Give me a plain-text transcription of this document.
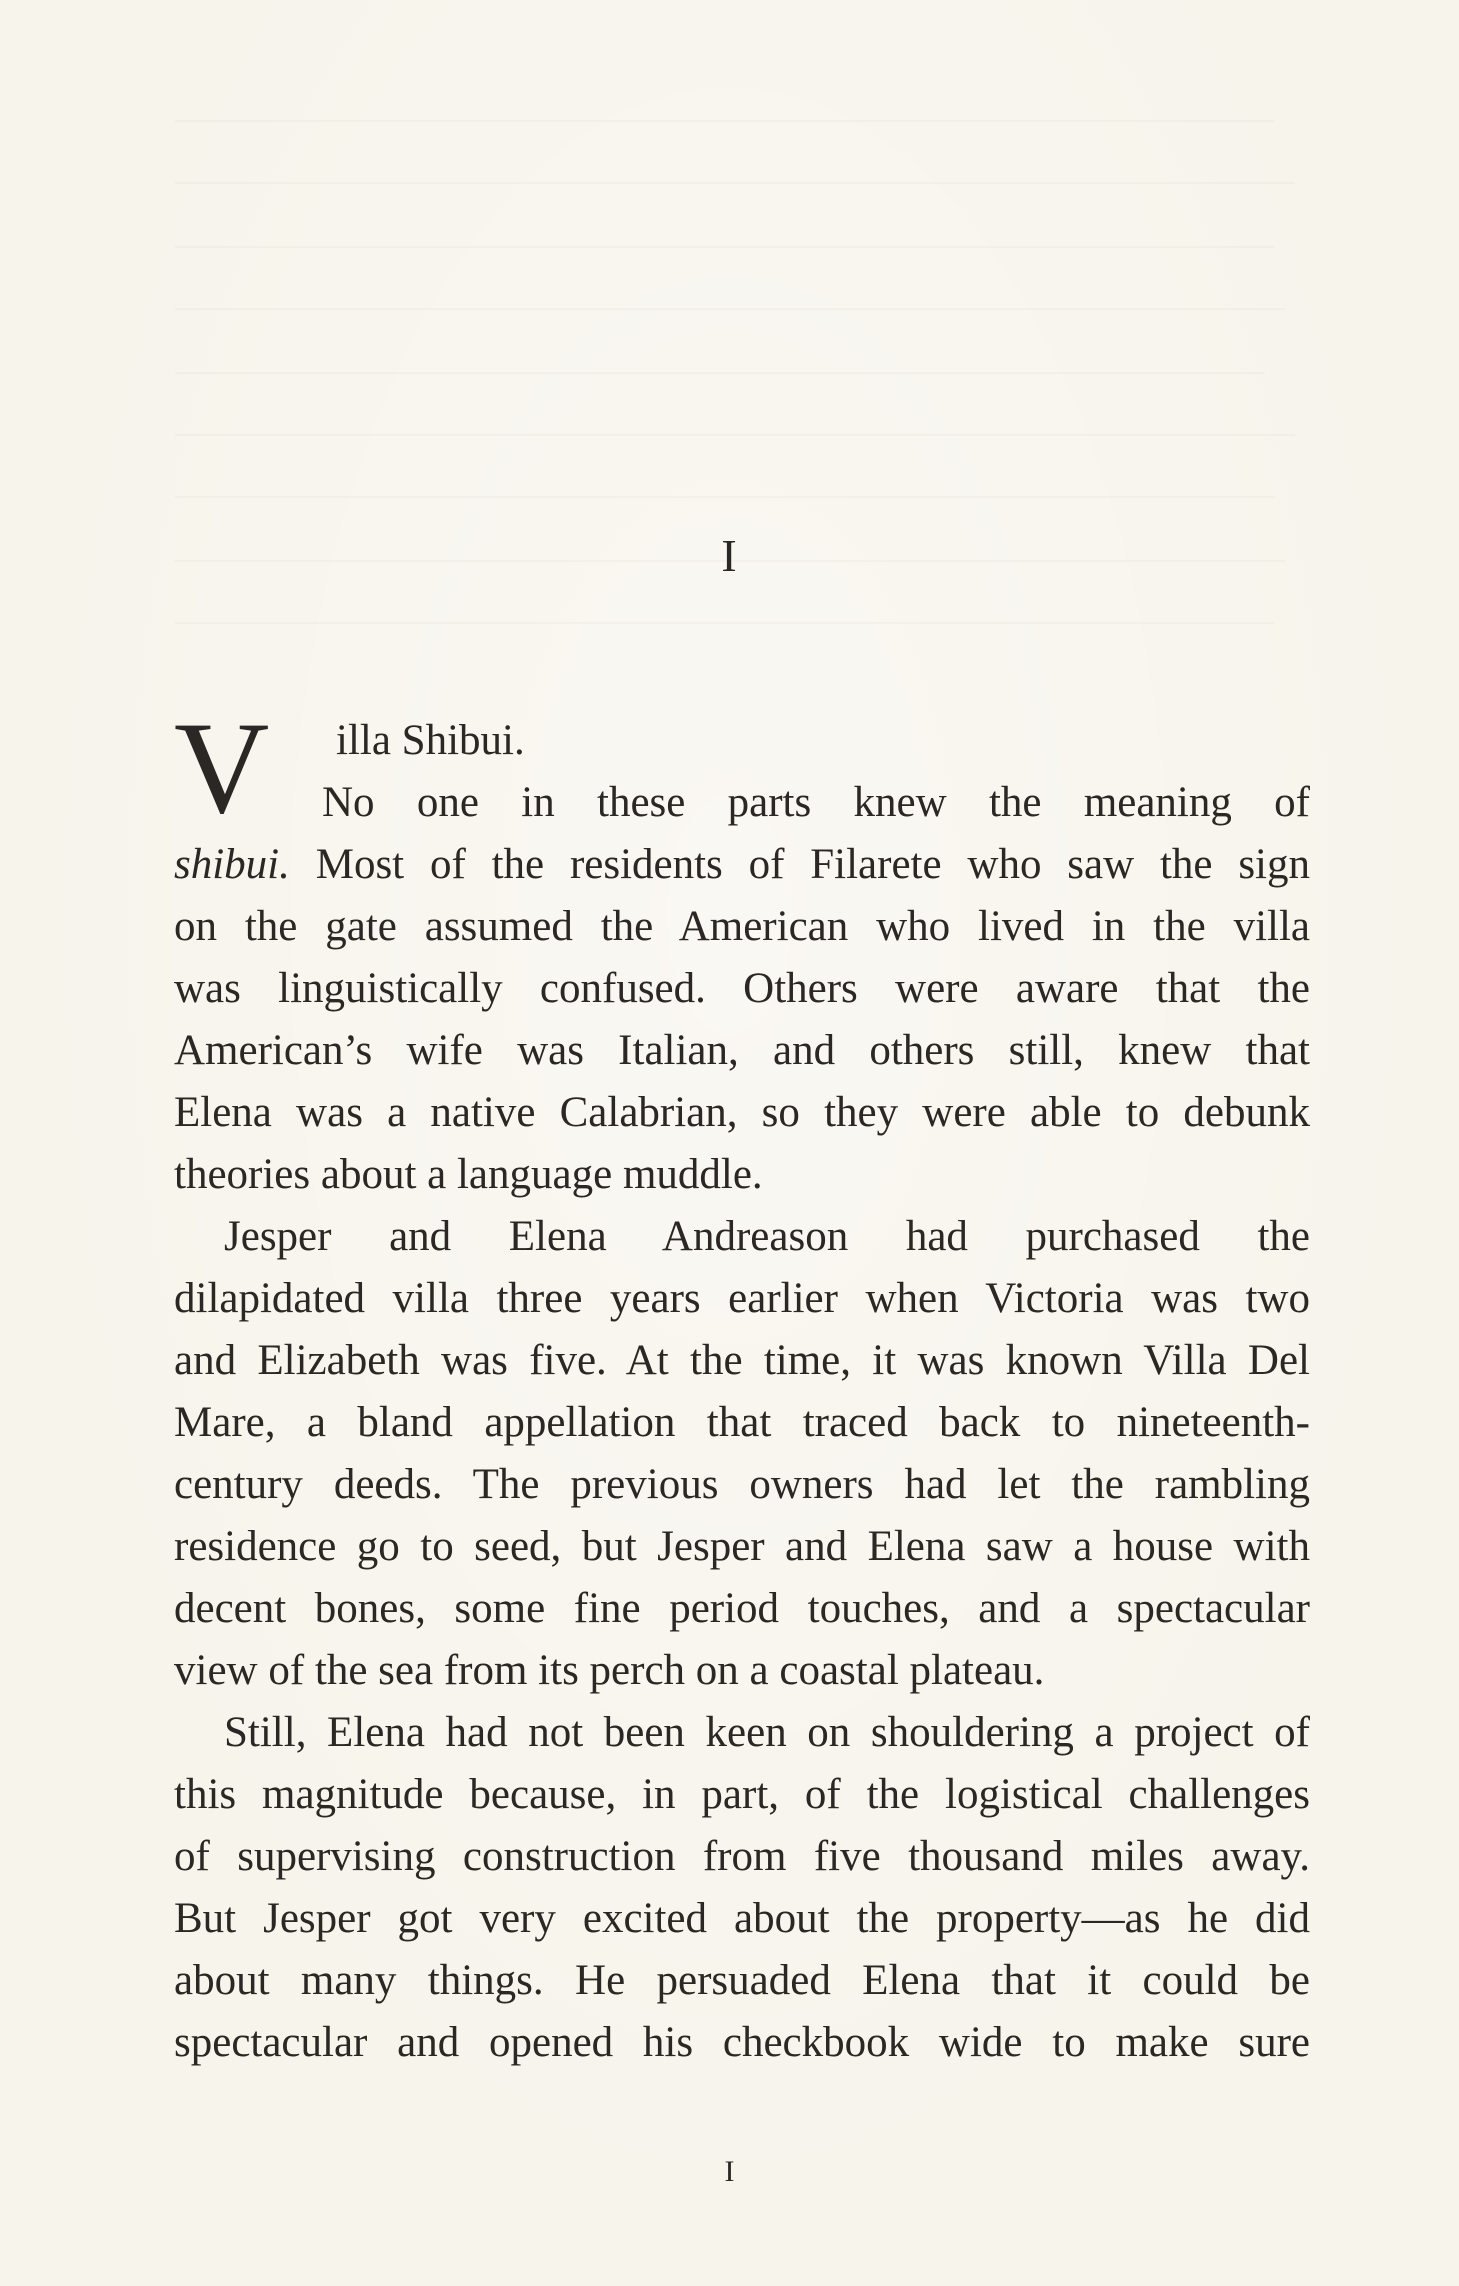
I
V illa Shibui.
No one in these parts knew the meaning of
shibui. Most of the residents of Filarete who saw the sign
on the gate assumed the American who lived in the villa
was linguistically confused. Others were aware that the
American’s wife was Italian, and others still, knew that
Elena was a native Calabrian, so they were able to debunk
theories about a language muddle.
Jesper and Elena Andreason had purchased the
dilapidated villa three years earlier when Victoria was two
and Elizabeth was five. At the time, it was known Villa Del
Mare, a bland appellation that traced back to nineteenth-
century deeds. The previous owners had let the rambling
residence go to seed, but Jesper and Elena saw a house with
decent bones, some fine period touches, and a spectacular
view of the sea from its perch on a coastal plateau.
Still, Elena had not been keen on shouldering a project of
this magnitude because, in part, of the logistical challenges
of supervising construction from five thousand miles away.
But Jesper got very excited about the property—as he did
about many things. He persuaded Elena that it could be
spectacular and opened his checkbook wide to make sure
I
